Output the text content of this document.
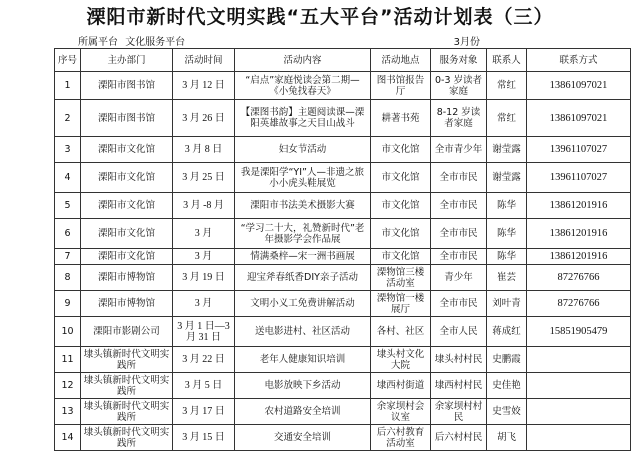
溧阳市新时代文明实践“五大平台”活动计划表（三）
所属平台 文化服务平台	3月份
序号	主办部门	活动时间	活动内容	活动地点	服务对象	联系人	联系方式
1	溧阳市图书馆	3 月 12 日	“启点”家庭悦读会第二期—《小兔找春天》	图书馆报告厅	0-3 岁读者家庭	常红	13861097021
2	溧阳市图书馆	3 月 26 日	【溧图书韵】主题阅读课—溧阳英雄故事之天目山战斗	耕著书苑	8-12 岁读者家庭	常红	13861097021
3	溧阳市文化馆	3 月 8 日	妇女节活动	市文化馆	全市青少年	谢莹露	13961107027
4	溧阳市文化馆	3 月 25 日	我是溧阳学“YI”人—非遗之旅小小虎头鞋展览	市文化馆	全市市民	谢莹露	13961107027
5	溧阳市文化馆	3 月 -8 月	溧阳市书法美术摄影大赛	市文化馆	全市市民	陈华	13861201916
6	溧阳市文化馆	3 月	“学习二十大，礼赞新时代”老年摄影学会作品展	市文化馆	全市市民	陈华	13861201916
7	溧阳市文化馆	3 月	情满桑梓—宋一洲书画展	市文化馆	全市市民	陈华	13861201916
8	溧阳市博物馆	3 月 19 日	迎宝斧春纸香DIY亲子活动	溧物馆三楼活动室	青少年	崔芸	87276766
9	溧阳市博物馆	3 月	文明小义工免费讲解活动	溧物馆一楼展厅	全市市民	刘叶青	87276766
10	溧阳市影剧公司	3 月 1 日—3 月 31 日	送电影进村、社区活动	各村、社区	全市人民	蒋成红	15851905479
11	埭头镇新时代文明实践所	3 月 22 日	老年人健康知识培训	埭头村文化大院	埭头村村民	史鹏霞	
12	埭头镇新时代文明实践所	3 月 5 日	电影放映下乡活动	埭西村街道	埭西村村民	史佳艳	
13	埭头镇新时代文明实践所	3 月 17 日	农村道路安全培训	余家坝村会议室	余家坝村村民	史雪姣	
14	埭头镇新时代文明实践所	3 月 15 日	交通安全培训	后六村教育活动室	后六村村民	胡飞	
